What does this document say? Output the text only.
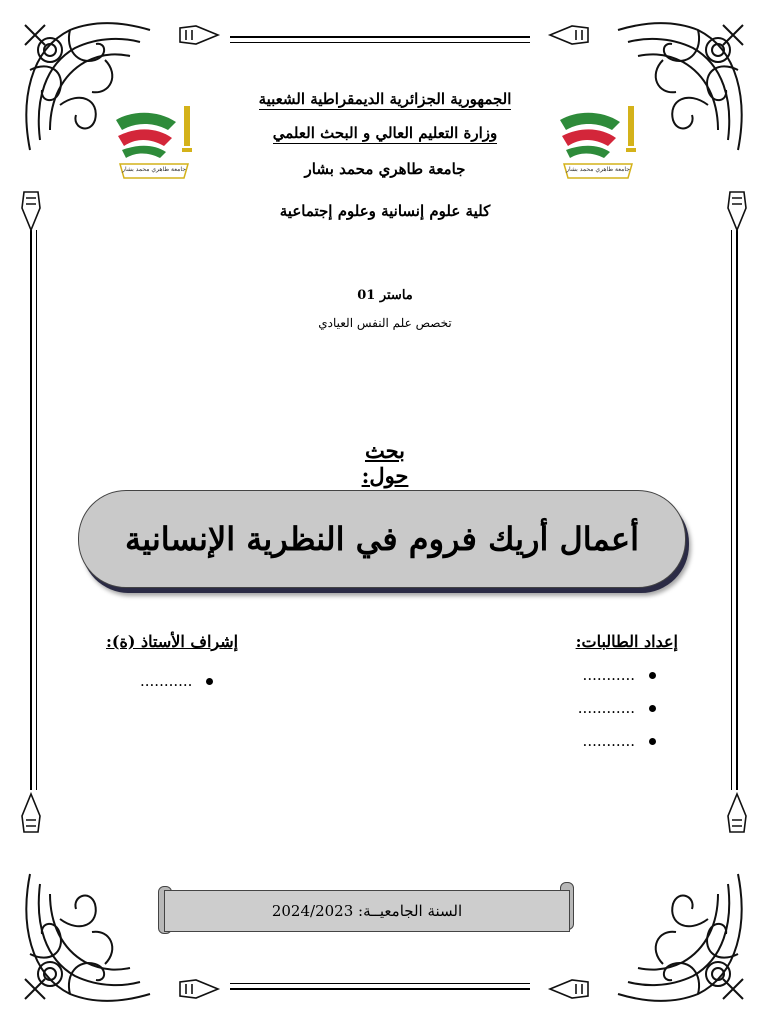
جامعة طاهري محمد بشار	جامعة طاهري محمد بشار
الجمهورية الجزائرية الديمقراطية الشعبية
وزارة التعليم العالي و البحث العلمي
جامعة طاهري محمد بشار
كلية علوم إنسانية وعلوم إجتماعية
ماستر 01
تخصص علم النفس العيادي
بحث حول:
أعمال أريك فروم في النظرية الإنسانية
إعداد الطالبات:
...........
............
...........
إشراف الأستاذ (ة):
...........
السنة الجامعيــة: 2024/2023
